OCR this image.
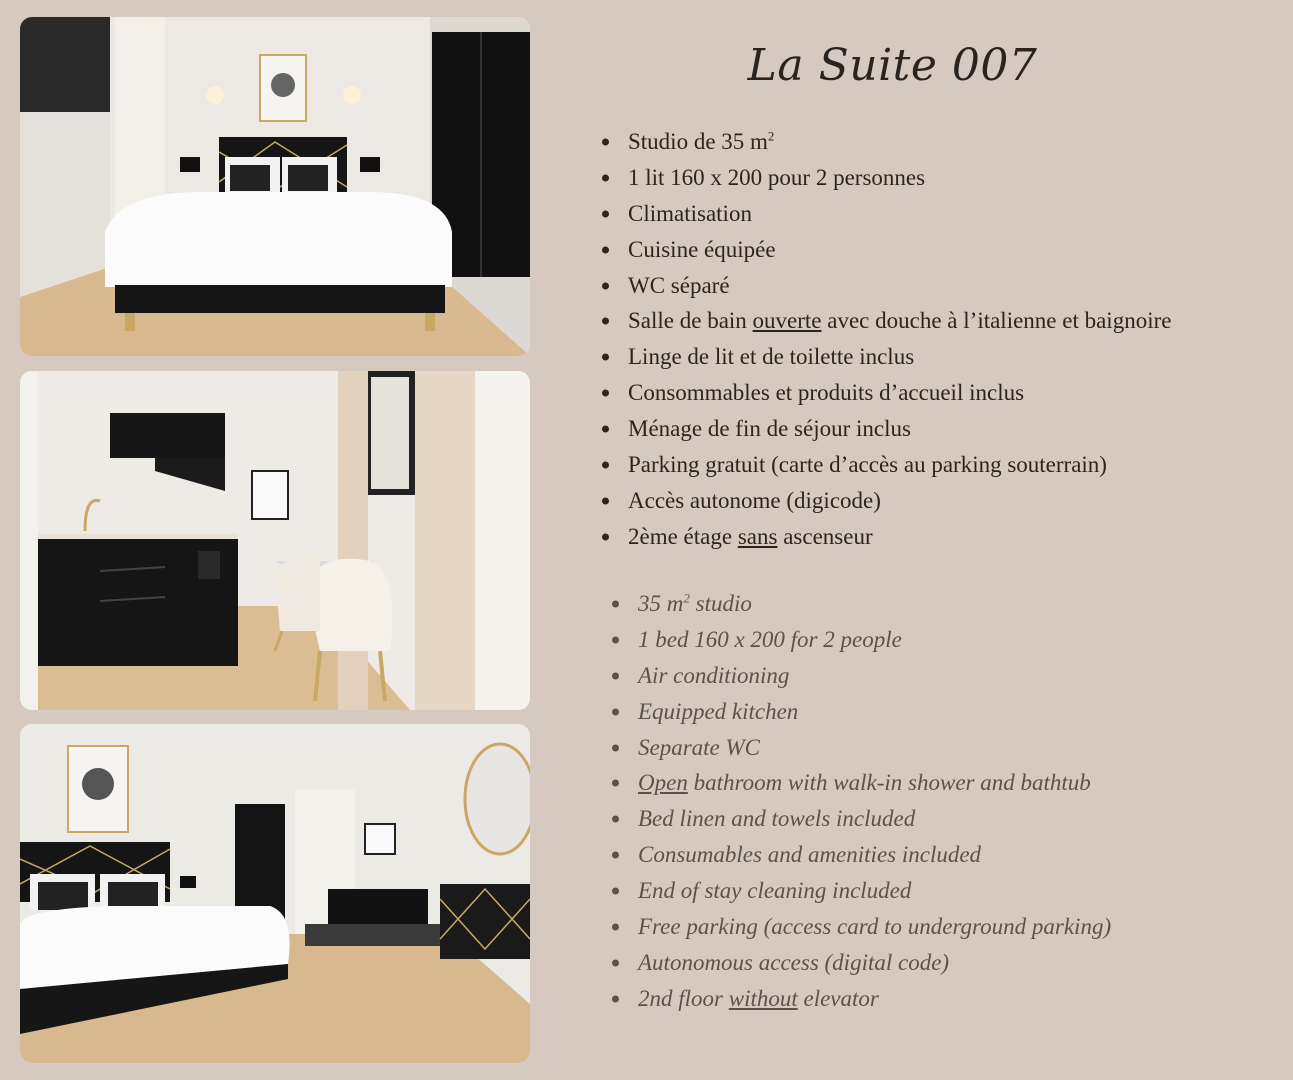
La Suite 007
Studio de 35 $m^2$
1 lit 160 x 200 pour 2 personnes
Climatisation
Cuisine équipée
WC séparé
Salle de bain ouverte avec douche à l’italienne et baignoire
Linge de lit et de toilette inclus
Consommables et produits d’accueil inclus
Ménage de fin de séjour inclus
Parking gratuit (carte d’accès au parking souterrain)
Accès autonome (digicode)
2ème étage sans ascenseur
35 $m^2$ studio
1 bed 160 x 200 for 2 people
Air conditioning
Equipped kitchen
Separate WC
Open bathroom with walk-in shower and bathtub
Bed linen and towels included
Consumables and amenities included
End of stay cleaning included
Free parking (access card to underground parking)
Autonomous access (digital code)
2nd floor without elevator
